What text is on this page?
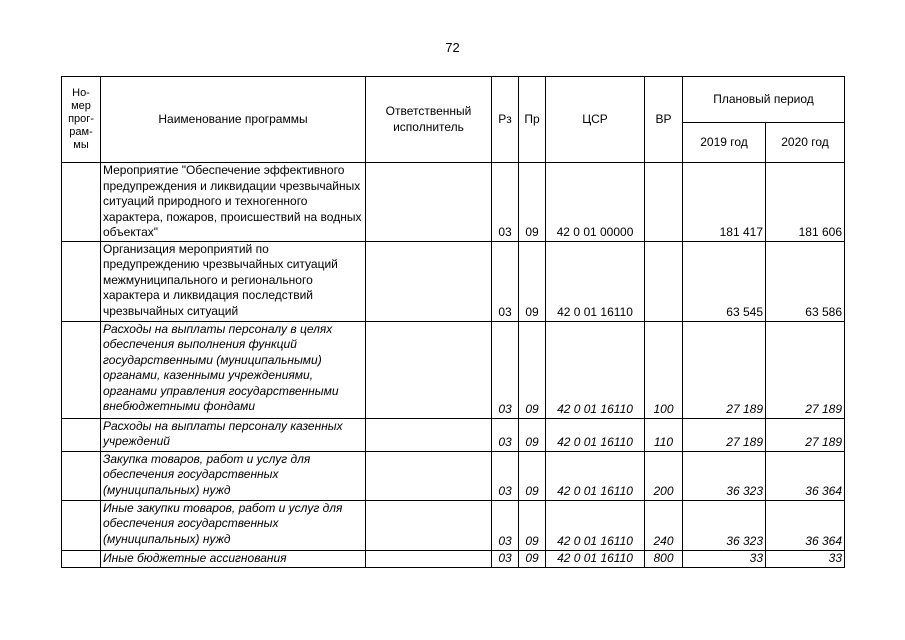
72
Но-мер прог-рам-мы	Наименование программы	Ответственный исполнитель	Рз	Пр	ЦСР	ВР	Плановый период	
							2019 год	2020 год
	Мероприятие "Обеспечение эффективного предупреждения и ликвидации чрезвычайных ситуаций природного и техногенного характера, пожаров, происшествий на водных объектах"		03	09	42 0 01 00000		181 417	181 606
	Организация мероприятий по предупреждению чрезвычайных ситуаций межмуниципального и регионального характера и ликвидация последствий чрезвычайных ситуаций		03	09	42 0 01 16110		63 545	63 586
	Расходы на выплаты персоналу в целях обеспечения выполнения функций государственными (муниципальными) органами, казенными учреждениями, органами управления государственными внебюджетными фондами		03	09	42 0 01 16110	100	27 189	27 189
	Расходы на выплаты персоналу казенных учреждений		03	09	42 0 01 16110	110	27 189	27 189
	Закупка товаров, работ и услуг для обеспечения государственных (муниципальных) нужд		03	09	42 0 01 16110	200	36 323	36 364
	Иные закупки товаров, работ и услуг для обеспечения государственных (муниципальных) нужд		03	09	42 0 01 16110	240	36 323	36 364
	Иные бюджетные ассигнования		03	09	42 0 01 16110	800	33	33
